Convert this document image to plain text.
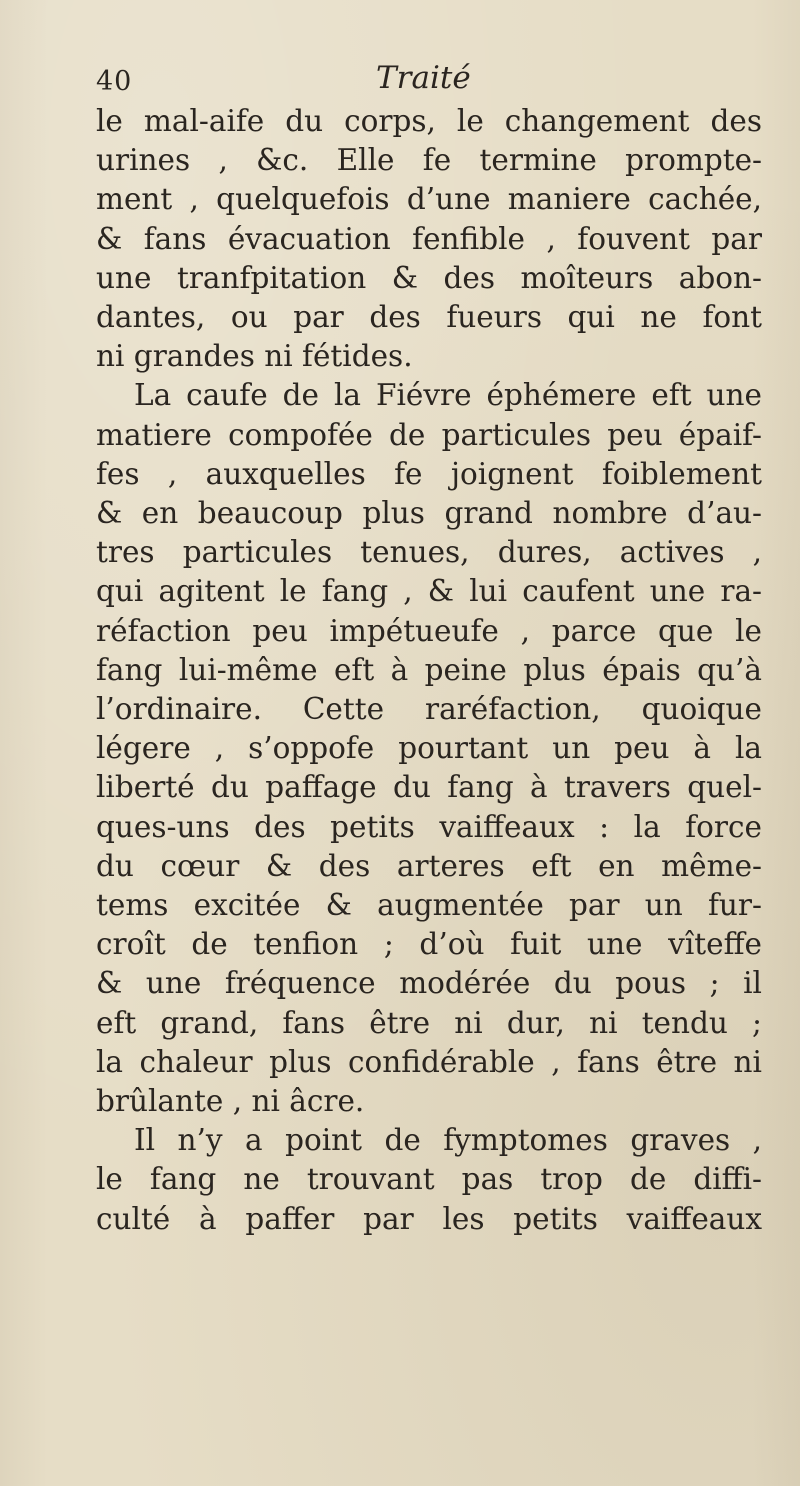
40	Traité
le mal-aife du corps, le changement des
urines , &c. Elle fe termine prompte-
ment , quelquefois d’une maniere cachée,
& fans évacuation fenfible , fouvent par
une tranfpitation & des moîteurs abon-
dantes, ou par des fueurs qui ne font
ni grandes ni fétides.
La caufe de la Fiévre éphémere eft une
matiere compofée de particules peu épaif-
fes , auxquelles fe joignent foiblement
& en beaucoup plus grand nombre d’au-
tres particules tenues, dures, actives ,
qui agitent le fang , & lui caufent une ra-
réfaction peu impétueufe , parce que le
fang lui-même eft à peine plus épais qu’à
l’ordinaire. Cette raréfaction, quoique
légere , s’oppofe pourtant un peu à la
liberté du paffage du fang à travers quel-
ques-uns des petits vaiffeaux : la force
du cœur & des arteres eft en même-
tems excitée & augmentée par un fur-
croît de tenfion ; d’où fuit une vîteffe
& une fréquence modérée du pous ; il
eft grand, fans être ni dur, ni tendu ;
la chaleur plus confidérable , fans être ni
brûlante , ni âcre.
Il n’y a point de fymptomes graves ,
le fang ne trouvant pas trop de diffi-
culté à paffer par les petits vaiffeaux
